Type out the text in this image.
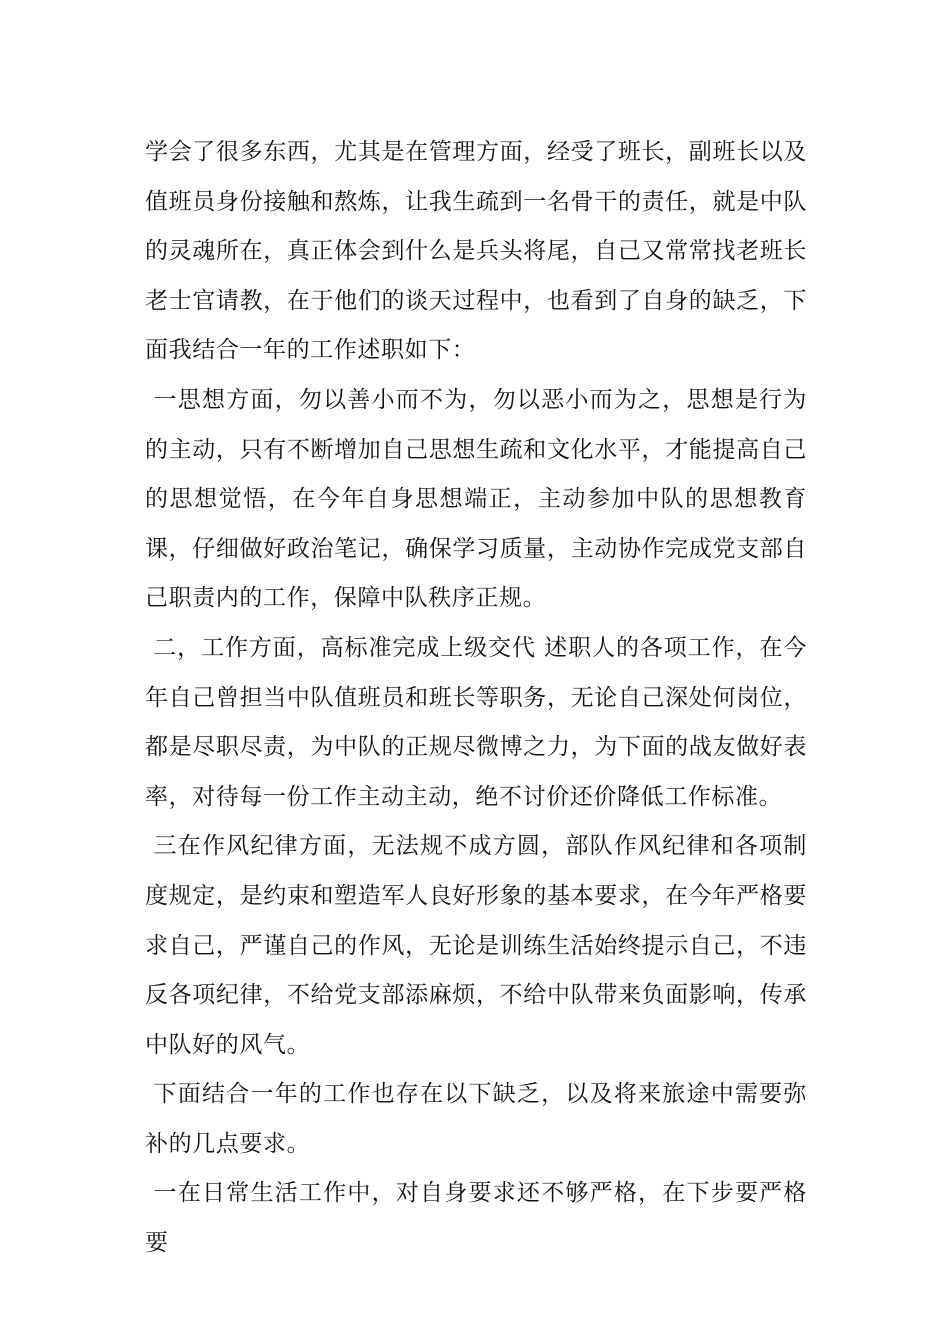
学会了很多东西，尤其是在管理方面，经受了班长，副班长以及值班员身份接触和熬炼，让我生疏到一名骨干的责任，就是中队的灵魂所在，真正体会到什么是兵头将尾，自己又常常找老班长老士官请教，在于他们的谈天过程中，也看到了自身的缺乏，下面我结合一年的工作述职如下：

一思想方面，勿以善小而不为，勿以恶小而为之，思想是行为的主动，只有不断增加自己思想生疏和文化水平，才能提高自己的思想觉悟，在今年自身思想端正，主动参加中队的思想教育课，仔细做好政治笔记，确保学习质量，主动协作完成党支部自己职责内的工作，保障中队秩序正规。

二，工作方面，高标准完成上级交代 述职人的各项工作，在今年自己曾担当中队值班员和班长等职务，无论自己深处何岗位，都是尽职尽责，为中队的正规尽微博之力，为下面的战友做好表率，对待每一份工作主动主动，绝不讨价还价降低工作标准。

三在作风纪律方面，无法规不成方圆，部队作风纪律和各项制度规定，是约束和塑造军人良好形象的基本要求，在今年严格要求自己，严谨自己的作风，无论是训练生活始终提示自己，不违反各项纪律，不给党支部添麻烦，不给中队带来负面影响，传承中队好的风气。

下面结合一年的工作也存在以下缺乏，以及将来旅途中需要弥补的几点要求。

一在日常生活工作中，对自身要求还不够严格，在下步要严格要
